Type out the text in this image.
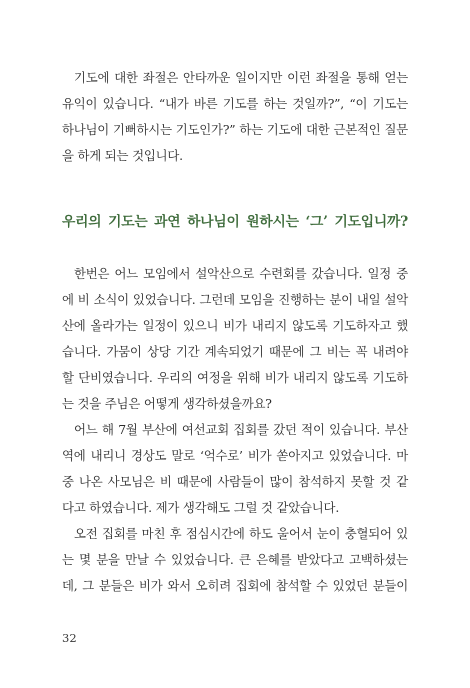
기도에 대한 좌절은 안타까운 일이지만 이런 좌절을 통해 얻는
유익이 있습니다. “내가 바른 기도를 하는 것일까?”, “이 기도는
하나님이 기뻐하시는 기도인가?” 하는 기도에 대한 근본적인 질문
을 하게 되는 것입니다.
우리의 기도는 과연 하나님이 원하시는 ‘그’ 기도입니까?
한번은 어느 모임에서 설악산으로 수련회를 갔습니다. 일정 중
에 비 소식이 있었습니다. 그런데 모임을 진행하는 분이 내일 설악
산에 올라가는 일정이 있으니 비가 내리지 않도록 기도하자고 했
습니다. 가뭄이 상당 기간 계속되었기 때문에 그 비는 꼭 내려야
할 단비였습니다. 우리의 여정을 위해 비가 내리지 않도록 기도하
는 것을 주님은 어떻게 생각하셨을까요?
어느 해 7월 부산에 여선교회 집회를 갔던 적이 있습니다. 부산
역에 내리니 경상도 말로 ‘억수로’ 비가 쏟아지고 있었습니다. 마
중 나온 사모님은 비 때문에 사람들이 많이 참석하지 못할 것 같
다고 하였습니다. 제가 생각해도 그럴 것 같았습니다.
오전 집회를 마친 후 점심시간에 하도 울어서 눈이 충혈되어 있
는 몇 분을 만날 수 있었습니다. 큰 은혜를 받았다고 고백하셨는
데, 그 분들은 비가 와서 오히려 집회에 참석할 수 있었던 분들이
32
